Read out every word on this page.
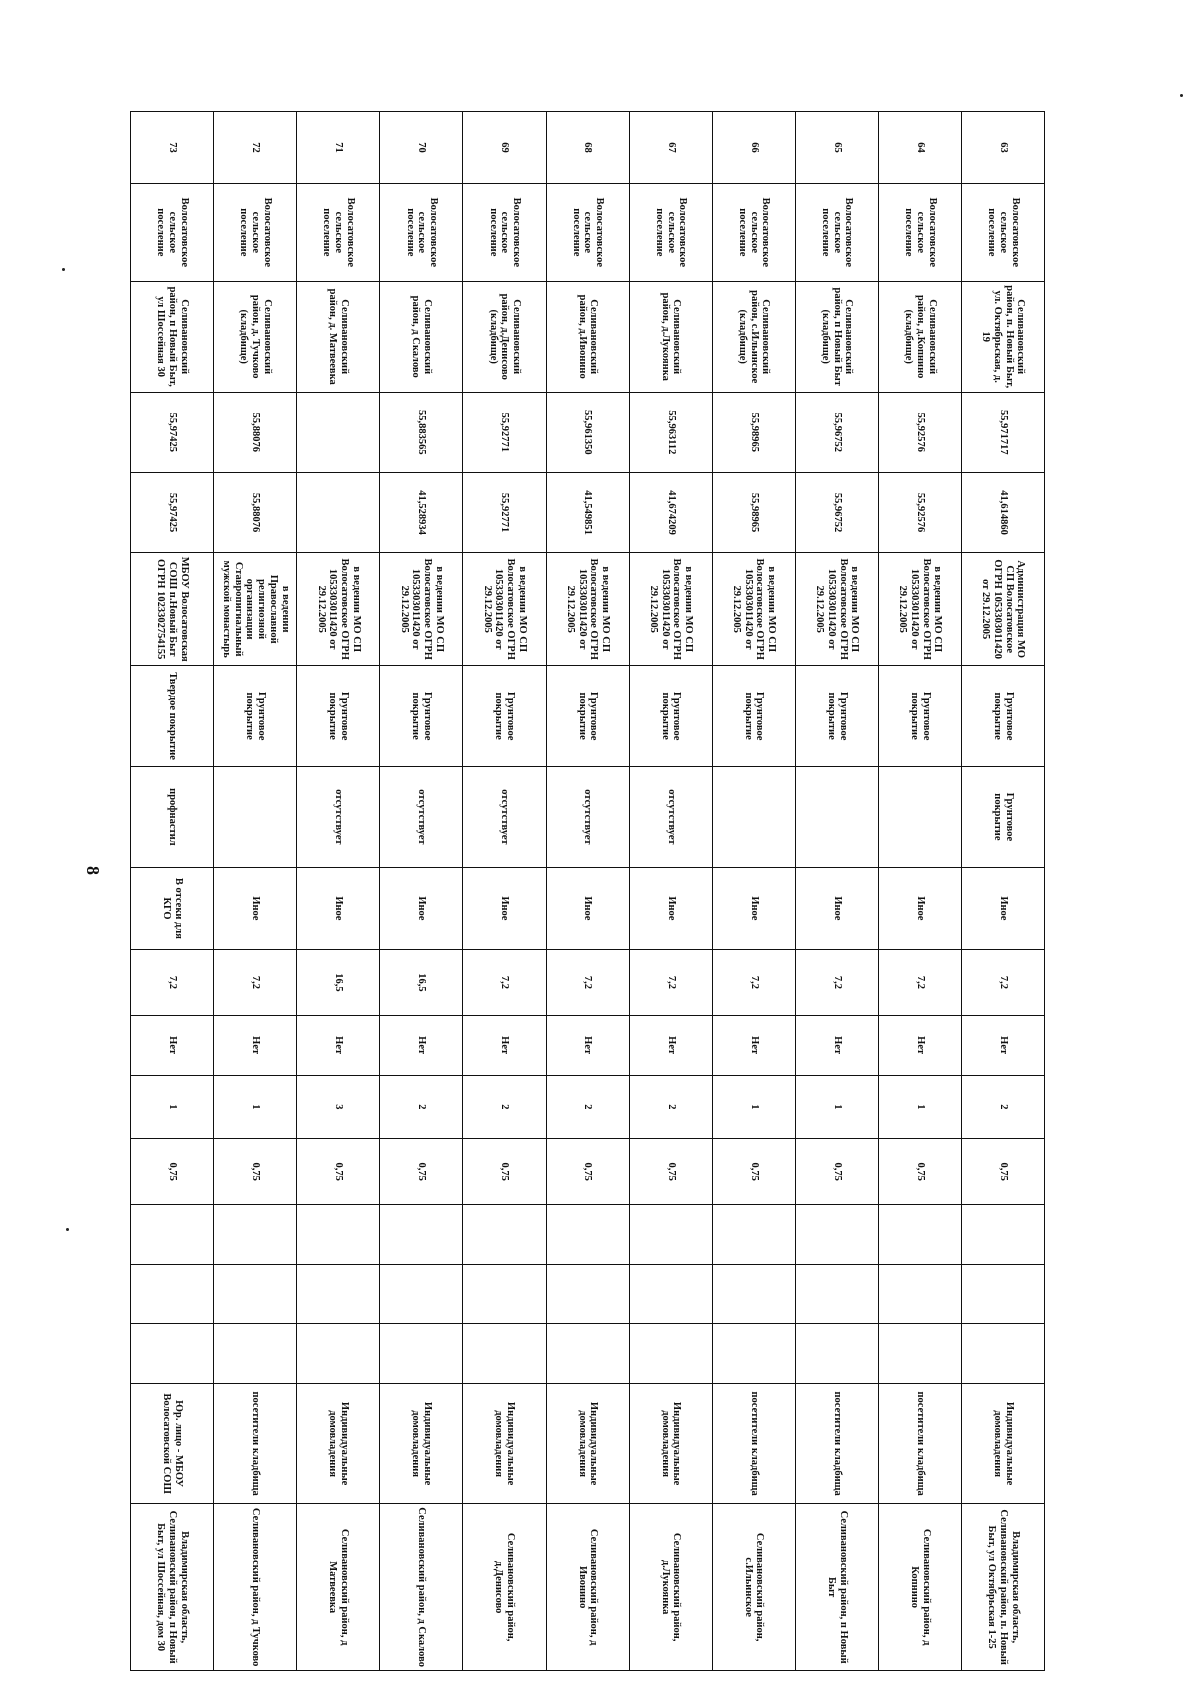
8
63	Волосатовское сельское поселение	Селивановский район, п. Новый Быт, ул. Октябрьская, д. 19	55,971717	41,614860	Администрация МО СП Волосатовское ОГРН 1053303011420 от 29.12.2005	Грунтовое покрытие	Грунтовое покрытие	Иное	7,2	Нет	2	0,75				Индивидуальные домовладения	Владимирская область, Селивановский район, п. Новый Быт, ул Октябрьская 1-25
64	Волосатовское сельское поселение	Селивановский район, д.Копнино (кладбище)	55,92576	55,92576	в ведении МО СП Волосатовское ОГРН 1053303011420 от 29.12.2005	Грунтовое покрытие		Иное	7,2	Нет	1	0,75				посетители кладбища	Селивановский район, д Копнино
65	Волосатовское сельское поселение	Селивановский район, п Новый Быт (кладбище)	55,96752	55,96752	в ведении МО СП Волосатовское ОГРН 1053303011420 от 29.12.2005	Грунтовое покрытие		Иное	7,2	Нет	1	0,75				посетители кладбища	Селивановский район, п Новый Быт
66	Волосатовское сельское поселение	Селивановский район, с.Ильинское (кладбище)	55,98965	55,98965	в ведении МО СП Волосатовское ОГРН 1053303011420 от 29.12.2005	Грунтовое покрытие		Иное	7,2	Нет	1	0,75				посетители кладбища	Селивановский район, с.Ильинское
67	Волосатовское сельское поселение	Селивановский район, д.Лукоянка	55,963112	41,674209	в ведении МО СП Волосатовское ОГРН 1053303011420 от 29.12.2005	Грунтовое покрытие	отсутствует	Иное	7,2	Нет	2	0,75				Индивидуальные домовладения	Селивановский район, д.Лукоянка
68	Волосатовское сельское поселение	Селивановский район, д.Ивонино	55,961350	41,549851	в ведении МО СП Волосатовское ОГРН 1053303011420 от 29.12.2005	Грунтовое покрытие	отсутствует	Иное	7,2	Нет	2	0,75				Индивидуальные домовладения	Селивановский район, д Ивонино
69	Волосатовское сельское поселение	Селивановский район, д.Денисово (кладбище)	55,92771	55,92771	в ведении МО СП Волосатовское ОГРН 1053303011420 от 29.12.2005	Грунтовое покрытие	отсутствует	Иное	7,2	Нет	2	0,75				Индивидуальные домовладения	Селивановский район, д.Денисово
70	Волосатовское сельское поселение	Селивановский район, д Скалово	55,883565	41,528934	в ведении МО СП Волосатовское ОГРН 1053303011420 от 29.12.2005	Грунтовое покрытие	отсутствует	Иное	16,5	Нет	2	0,75				Индивидуальные домовладения	Селивановский район, д Скалово
71	Волосатовское сельское поселение	Селивановский район, д. Матвеевка			в ведении МО СП Волосатовское ОГРН 1053303011420 от 29.12.2005	Грунтовое покрытие	отсутствует	Иное	16,5	Нет	3	0,75				Индивидуальные домовладения	Селивановский район, д Матвеевка
72	Волосатовское сельское поселение	Селивановский район, д. Тучково (кладбище)	55,88076	55,88076	в ведении Православной религиозной организации Ставропигиальный мужской монастырь	Грунтовое покрытие		Иное	7,2	Нет	1	0,75				посетители кладбища	Селивановский район, д Тучково
73	Волосатовское сельское поселение	Селивановский район, п Новый Быт, ул Шоссейная 30	55,97425	55,97425	МБОУ Волосатовская СОШ п.Новый Быт ОГРН 1023302754155	Твердое покрытие	профнастил	В отсеки для КГО	7,2	Нет	1	0,75				Юр. лицо - МБОУ Волосатовской СОШ	Владимирская область, Селивановский район, п Новый Быт, ул Шоссейная, дом 30
